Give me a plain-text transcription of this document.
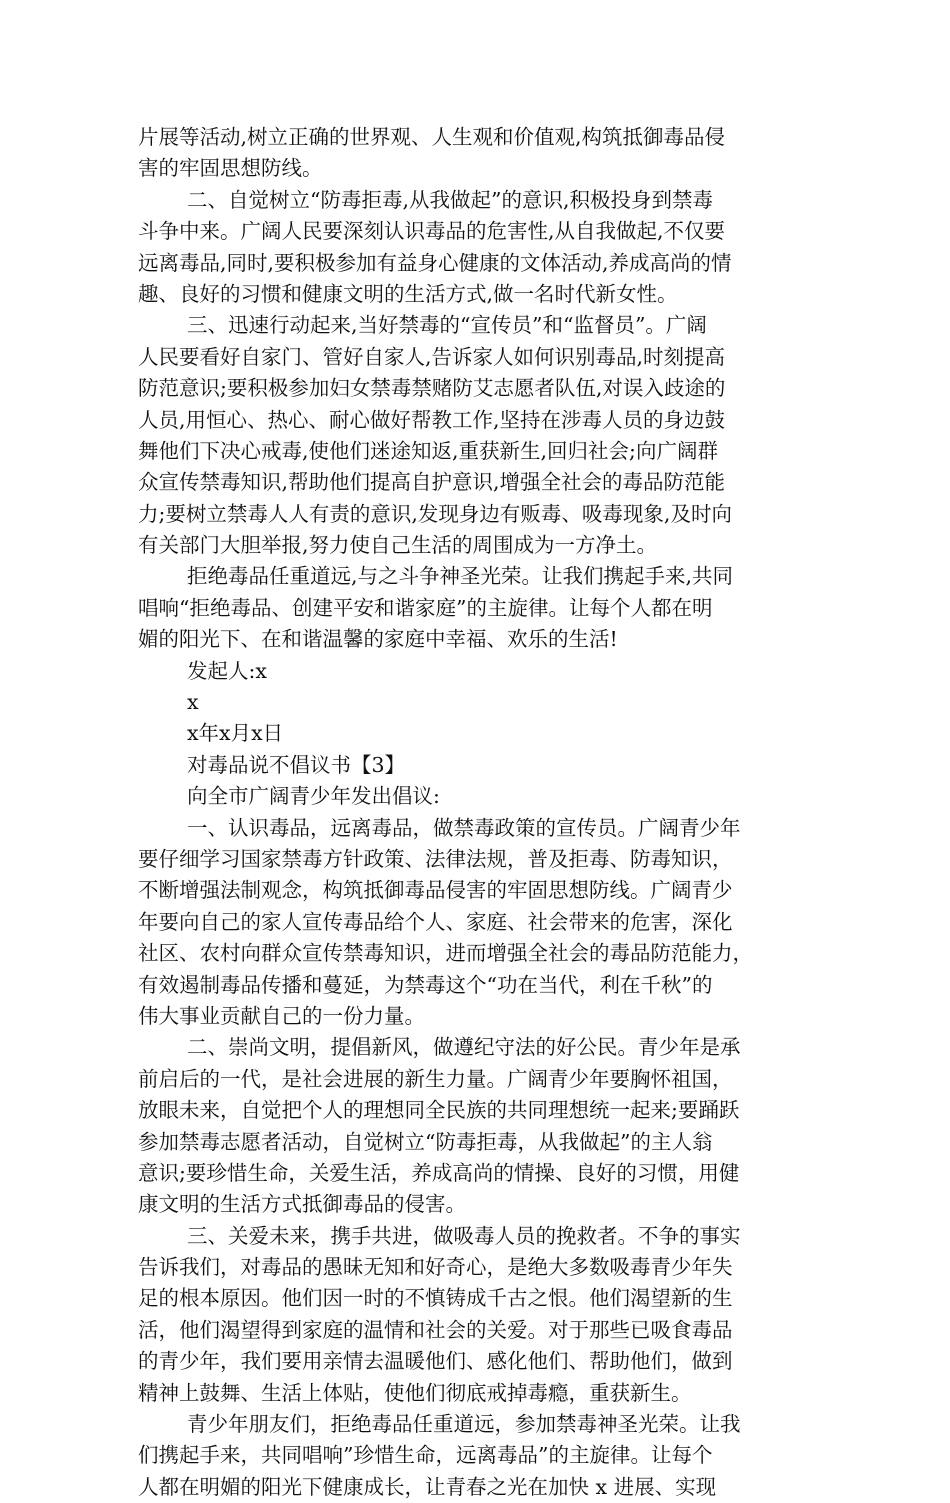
片展等活动,树立正确的世界观、人生观和价值观,构筑抵御毒品侵
害的牢固思想防线。
二、自觉树立“防毒拒毒,从我做起”的意识,积极投身到禁毒
斗争中来。广阔人民要深刻认识毒品的危害性,从自我做起,不仅要
远离毒品,同时,要积极参加有益身心健康的文体活动,养成高尚的情
趣、良好的习惯和健康文明的生活方式,做一名时代新女性。
三、迅速行动起来,当好禁毒的“宣传员”和“监督员”。广阔
人民要看好自家门、管好自家人,告诉家人如何识别毒品,时刻提高
防范意识;要积极参加妇女禁毒禁赌防艾志愿者队伍,对误入歧途的
人员,用恒心、热心、耐心做好帮教工作,坚持在涉毒人员的身边鼓
舞他们下决心戒毒,使他们迷途知返,重获新生,回归社会;向广阔群
众宣传禁毒知识,帮助他们提高自护意识,增强全社会的毒品防范能
力;要树立禁毒人人有责的意识,发现身边有贩毒、吸毒现象,及时向
有关部门大胆举报,努力使自己生活的周围成为一方净土。
拒绝毒品任重道远,与之斗争神圣光荣。让我们携起手来,共同
唱响“拒绝毒品、创建平安和谐家庭”的主旋律。让每个人都在明
媚的阳光下、在和谐温馨的家庭中幸福、欢乐的生活!
发起人:x
x
x年x月x日
对毒品说不倡议书【3】
向全市广阔青少年发出倡议:
一、认识毒品，远离毒品，做禁毒政策的宣传员。广阔青少年
要仔细学习国家禁毒方针政策、法律法规，普及拒毒、防毒知识，
不断增强法制观念，构筑抵御毒品侵害的牢固思想防线。广阔青少
年要向自己的家人宣传毒品给个人、家庭、社会带来的危害，深化
社区、农村向群众宣传禁毒知识，进而增强全社会的毒品防范能力，
有效遏制毒品传播和蔓延，为禁毒这个“功在当代，利在千秋”的
伟大事业贡献自己的一份力量。
二、崇尚文明，提倡新风，做遵纪守法的好公民。青少年是承
前启后的一代，是社会进展的新生力量。广阔青少年要胸怀祖国，
放眼未来，自觉把个人的理想同全民族的共同理想统一起来;要踊跃
参加禁毒志愿者活动，自觉树立“防毒拒毒，从我做起”的主人翁
意识;要珍惜生命，关爱生活，养成高尚的情操、良好的习惯，用健
康文明的生活方式抵御毒品的侵害。
三、关爱未来，携手共进，做吸毒人员的挽救者。不争的事实
告诉我们，对毒品的愚昧无知和好奇心，是绝大多数吸毒青少年失
足的根本原因。他们因一时的不慎铸成千古之恨。他们渴望新的生
活，他们渴望得到家庭的温情和社会的关爱。对于那些已吸食毒品
的青少年，我们要用亲情去温暖他们、感化他们、帮助他们，做到
精神上鼓舞、生活上体贴，使他们彻底戒掉毒瘾，重获新生。
青少年朋友们，拒绝毒品任重道远，参加禁毒神圣光荣。让我
们携起手来，共同唱响”珍惜生命，远离毒品”的主旋律。让每个
人都在明媚的阳光下健康成长，让青春之光在加快 x 进展、实现
